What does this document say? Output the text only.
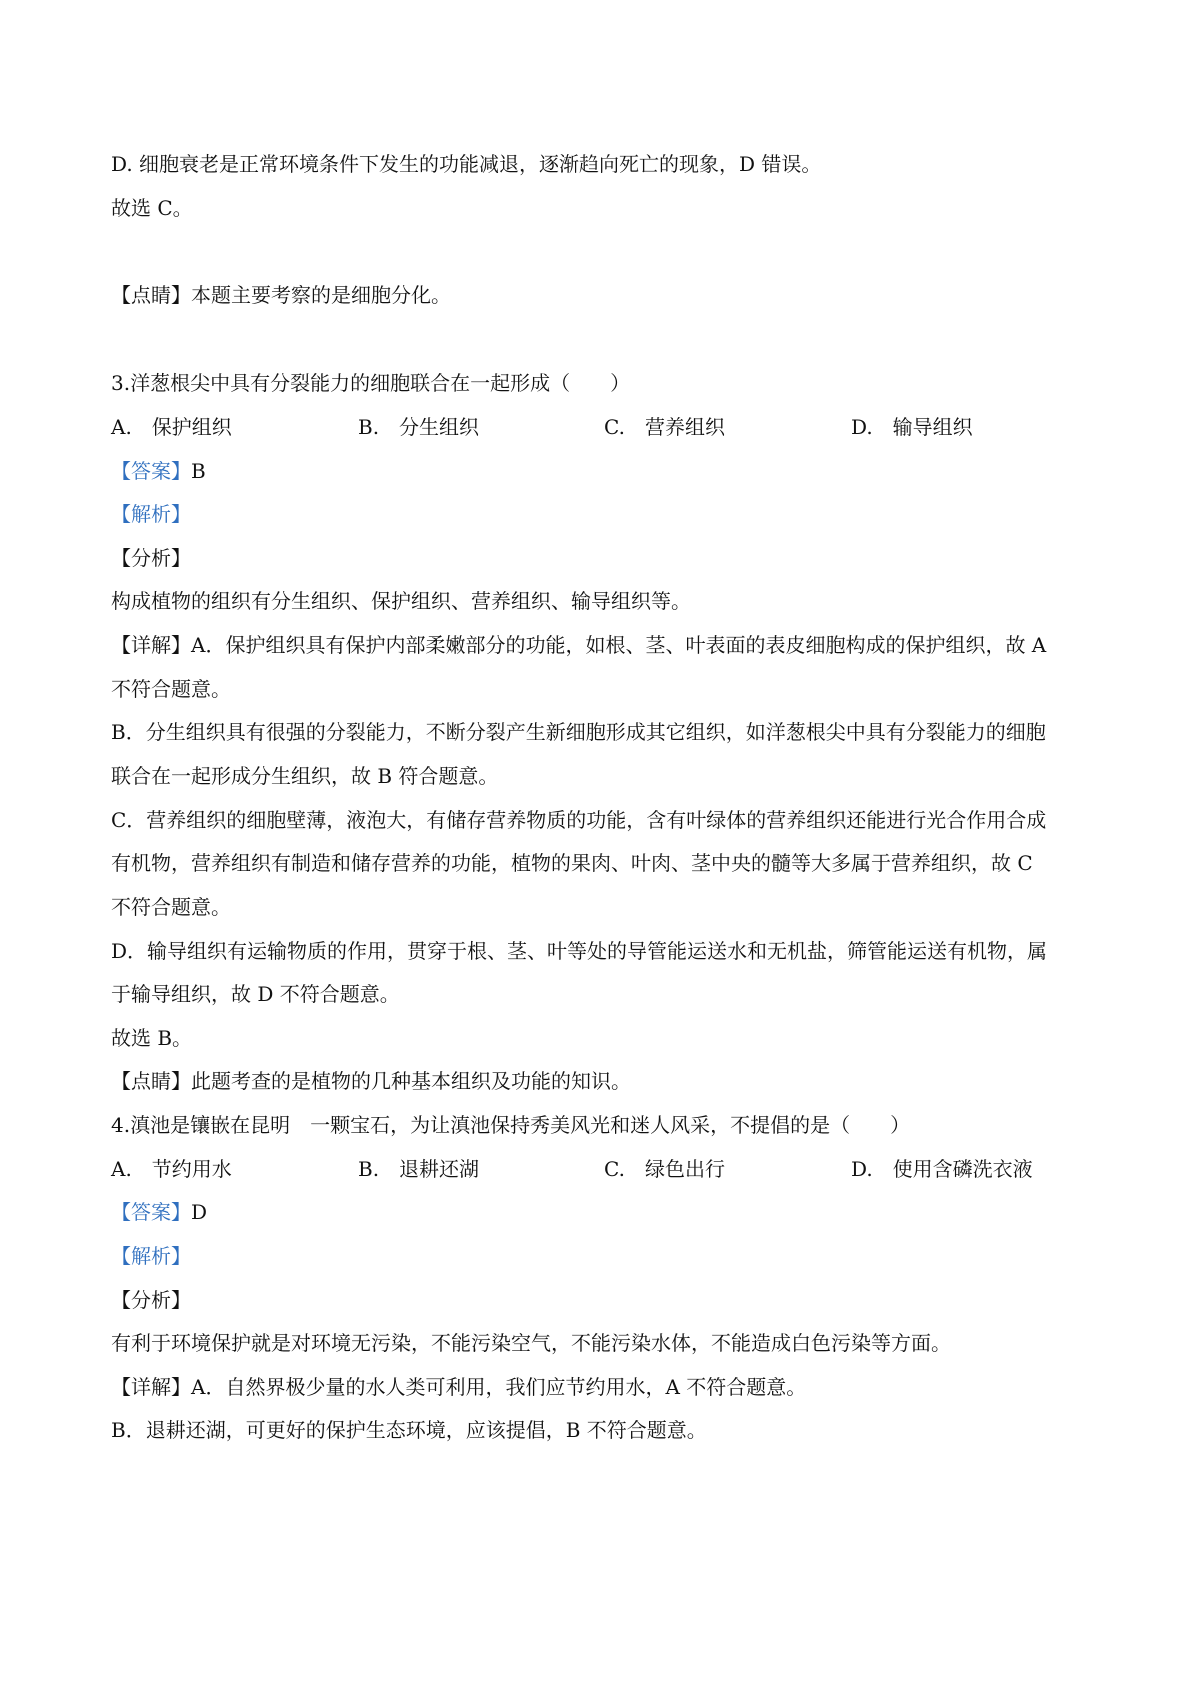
D. 细胞衰老是正常环境条件下发生的功能减退，逐渐趋向死亡的现象，D 错误。
故选 C。
【点睛】本题主要考察的是细胞分化。
3.洋葱根尖中具有分裂能力的细胞联合在一起形成（　　）
A.　保护组织	B.　分生组织	C.　营养组织	D.　输导组织
【答案】B
【解析】
【分析】
构成植物的组织有分生组织、保护组织、营养组织、输导组织等。
【详解】A．保护组织具有保护内部柔嫩部分的功能，如根、茎、叶表面的表皮细胞构成的保护组织，故 A
不符合题意。
B．分生组织具有很强的分裂能力，不断分裂产生新细胞形成其它组织，如洋葱根尖中具有分裂能力的细胞
联合在一起形成分生组织，故 B 符合题意。
C．营养组织的细胞壁薄，液泡大，有储存营养物质的功能，含有叶绿体的营养组织还能进行光合作用合成
有机物，营养组织有制造和储存营养的功能，植物的果肉、叶肉、茎中央的髓等大多属于营养组织，故 C
不符合题意。
D．输导组织有运输物质的作用，贯穿于根、茎、叶等处的导管能运送水和无机盐，筛管能运送有机物，属
于输导组织，故 D 不符合题意。
故选 B。
【点睛】此题考查的是植物的几种基本组织及功能的知识。
4.滇池是镶嵌在昆明　一颗宝石，为让滇池保持秀美风光和迷人风采，不提倡的是（　　）
A.　节约用水	B.　退耕还湖	C.　绿色出行	D.　使用含磷洗衣液
【答案】D
【解析】
【分析】
有利于环境保护就是对环境无污染，不能污染空气，不能污染水体，不能造成白色污染等方面。
【详解】A．自然界极少量的水人类可利用，我们应节约用水，A 不符合题意。
B．退耕还湖，可更好的保护生态环境，应该提倡，B 不符合题意。
